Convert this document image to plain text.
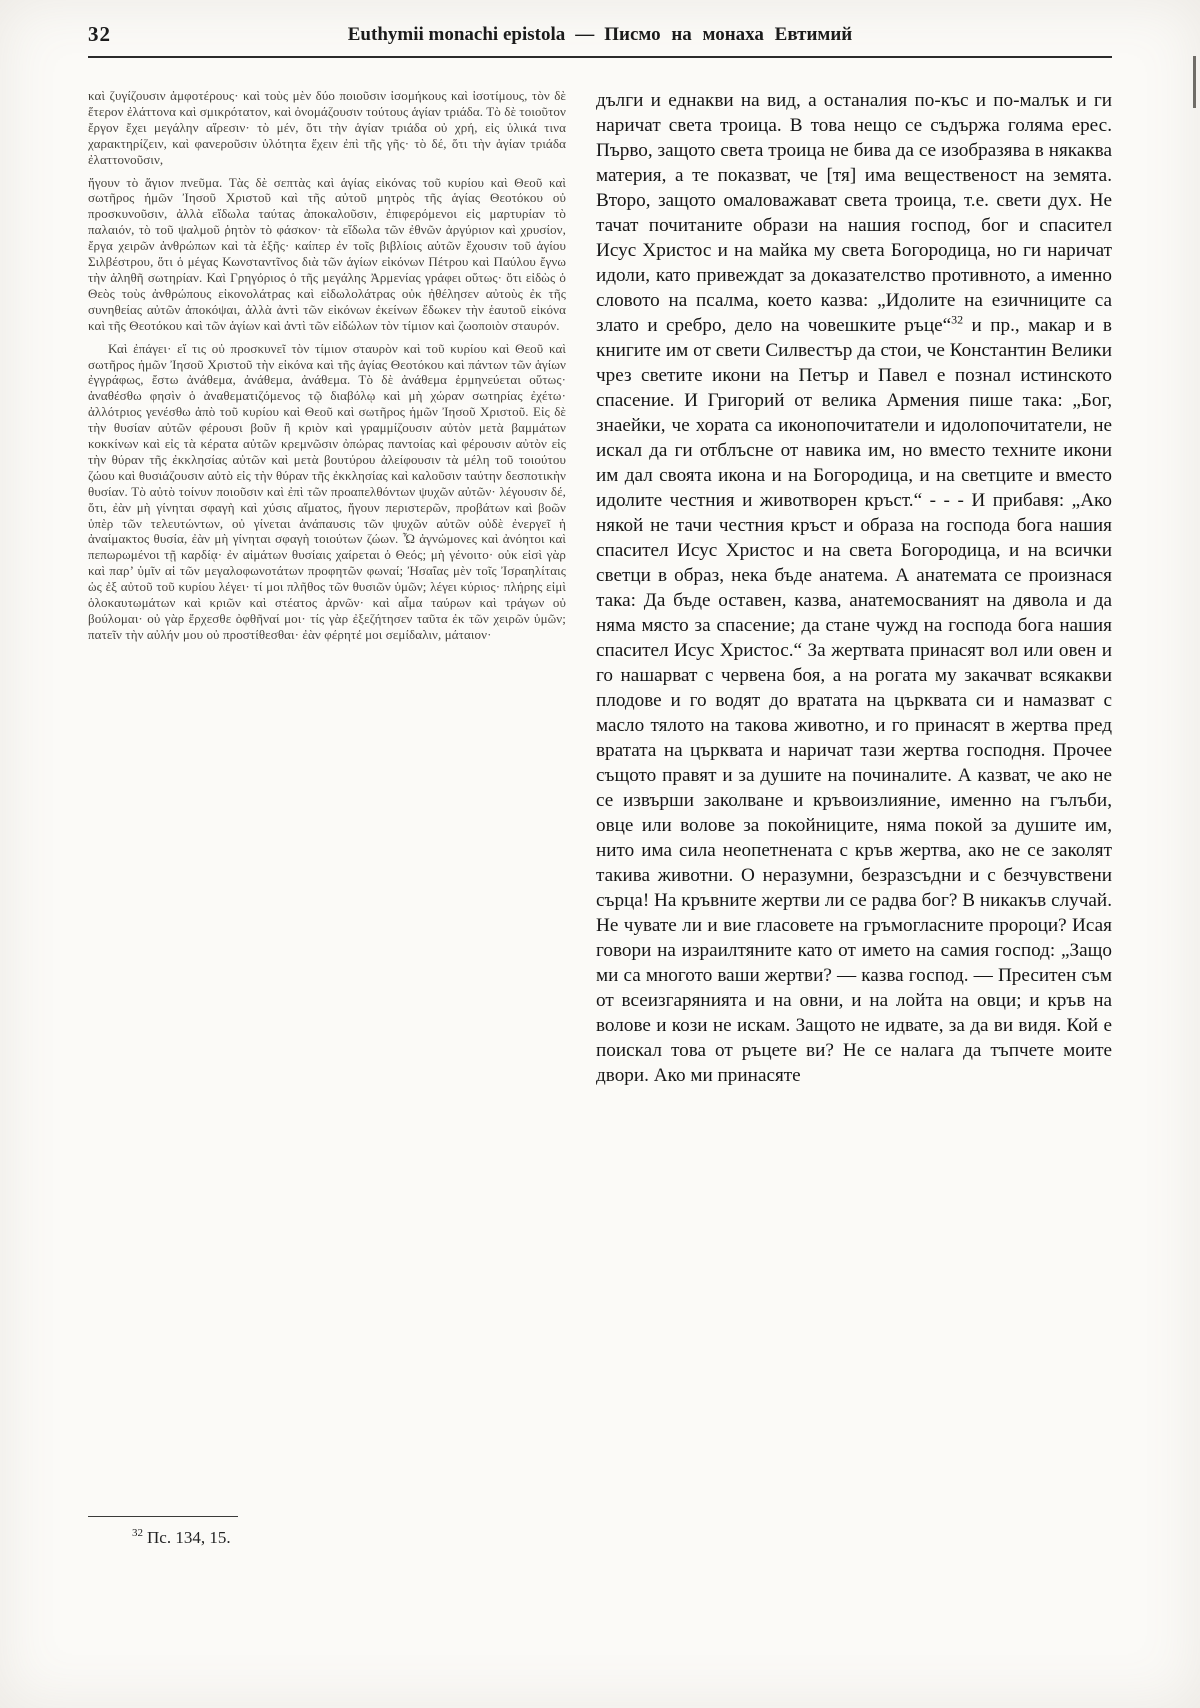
32	Euthymii monachi epistola — Писмо на монаха Евтимий

καὶ ζυγίζουσιν ἀμφοτέρους· καὶ τοὺς μὲν δύο ποιοῦσιν ἰσομήκους καὶ ἰσοτίμους, τὸν δὲ ἕτερον ἐλάττονα καὶ σμικρότατον, καὶ ὀνομάζουσιν τούτους ἁγίαν τριάδα. Τὸ δὲ τοιοῦτον ἔργον ἔχει μεγάλην αἵρεσιν· τὸ μέν, ὅτι τὴν ἁγίαν τριάδα οὐ χρή, εἰς ὑλικά τινα χαρακτηρίζειν, καὶ φανεροῦσιν ὑλότητα ἔχειν ἐπὶ τῆς γῆς· τὸ δέ, ὅτι τὴν ἁγίαν τριάδα ἐλαττονοῦσιν,

ἤγουν τὸ ἅγιον πνεῦμα. Τὰς δὲ σεπτὰς καὶ ἁγίας εἰκόνας τοῦ κυρίου καὶ Θεοῦ καὶ σωτῆρος ἡμῶν Ἰησοῦ Χριστοῦ καὶ τῆς αὐτοῦ μητρὸς τῆς ἁγίας Θεοτόκου οὐ προσκυνοῦσιν, ἀλλὰ εἴδωλα ταύτας ἀποκαλοῦσιν, ἐπιφερόμενοι εἰς μαρτυρίαν τὸ παλαιόν, τὸ τοῦ ψαλμοῦ ῥητὸν τὸ φάσκον· τὰ εἴδωλα τῶν ἐθνῶν ἀργύριον καὶ χρυσίον, ἔργα χειρῶν ἀνθρώπων καὶ τὰ ἑξῆς· καίπερ ἐν τοῖς βιβλίοις αὐτῶν ἔχουσιν τοῦ ἁγίου Σιλβέστρου, ὅτι ὁ μέγας Κωνσταντῖνος διὰ τῶν ἁγίων εἰκόνων Πέτρου καὶ Παύλου ἔγνω τὴν ἀληθῆ σωτηρίαν. Καὶ Γρηγόριος ὁ τῆς μεγάλης Ἀρμενίας γράφει οὕτως· ὅτι εἰδὼς ὁ Θεὸς τοὺς ἀνθρώπους εἰκονολάτρας καὶ εἰδωλολάτρας οὐκ ἠθέλησεν αὐτοὺς ἐκ τῆς συνηθείας αὐτῶν ἀποκόψαι, ἀλλὰ ἀντὶ τῶν εἰκόνων ἐκείνων ἔδωκεν τὴν ἑαυτοῦ εἰκόνα καὶ τῆς Θεοτόκου καὶ τῶν ἁγίων καὶ ἀντὶ τῶν εἰδώλων τὸν τίμιον καὶ ζωοποιὸν σταυρόν.

Καὶ ἐπάγει· εἴ τις οὐ προσκυνεῖ τὸν τίμιον σταυρὸν καὶ τοῦ κυρίου καὶ Θεοῦ καὶ σωτῆρος ἡμῶν Ἰησοῦ Χριστοῦ τὴν εἰκόνα καὶ τῆς ἁγίας Θεοτόκου καὶ πάντων τῶν ἁγίων ἐγγράφως, ἔστω ἀνάθεμα, ἀνάθεμα, ἀνάθεμα. Τὸ δὲ ἀνάθεμα ἑρμηνεύεται οὕτως· ἀναθέσθω φησὶν ὁ ἀναθεματιζόμενος τῷ διαβόλῳ καὶ μὴ χώραν σωτηρίας ἐχέτω· ἀλλότριος γενέσθω ἀπὸ τοῦ κυρίου καὶ Θεοῦ καὶ σωτῆρος ἡμῶν Ἰησοῦ Χριστοῦ. Εἰς δὲ τὴν θυσίαν αὐτῶν φέρουσι βοῦν ἢ κριὸν καὶ γραμμίζουσιν αὐτὸν μετὰ βαμμάτων κοκκίνων καὶ εἰς τὰ κέρατα αὐτῶν κρεμνῶσιν ὀπώρας παντοίας καὶ φέρουσιν αὐτὸν εἰς τὴν θύραν τῆς ἐκκλησίας αὐτῶν καὶ μετὰ βουτύρου ἀλείφουσιν τὰ μέλη τοῦ τοιούτου ζώου καὶ θυσιάζουσιν αὐτὸ εἰς τὴν θύραν τῆς ἐκκλησίας καὶ καλοῦσιν ταύτην δεσποτικὴν θυσίαν. Τὸ αὐτὸ τοίνυν ποιοῦσιν καὶ ἐπὶ τῶν προαπελθόντων ψυχῶν αὐτῶν· λέγουσιν δέ, ὅτι, ἐὰν μὴ γίνηται σφαγὴ καὶ χύσις αἵματος, ἤγουν περιστερῶν, προβάτων καὶ βοῶν ὑπὲρ τῶν τελευτώντων, οὐ γίνεται ἀνάπαυσις τῶν ψυχῶν αὐτῶν οὐδὲ ἐνεργεῖ ἡ ἀναίμακτος θυσία, ἐὰν μὴ γίνηται σφαγὴ τοιούτων ζώων. Ὦ ἀγνώμονες καὶ ἀνόητοι καὶ πεπωρωμένοι τῇ καρδίᾳ· ἐν αἱμάτων θυσίαις χαίρεται ὁ Θεός; μὴ γένοιτο· οὐκ εἰσὶ γὰρ καὶ παρ’ ὑμῖν αἱ τῶν μεγαλοφωνοτάτων προφητῶν φωναί; Ἠσαΐας μὲν τοῖς Ἰσραηλίταις ὡς ἐξ αὐτοῦ τοῦ κυρίου λέγει· τί μοι πλῆθος τῶν θυσιῶν ὑμῶν; λέγει κύριος· πλήρης εἰμὶ ὁλοκαυτωμάτων καὶ κριῶν καὶ στέατος ἀρνῶν· καὶ αἷμα ταύρων καὶ τράγων οὐ βούλομαι· οὐ γὰρ ἔρχεσθε ὀφθῆναί μοι· τίς γὰρ ἐξεζήτησεν ταῦτα ἐκ τῶν χειρῶν ὑμῶν; πατεῖν τὴν αὐλήν μου οὐ προστίθεσθαι· ἐὰν φέρητέ μοι σεμίδαλιν, μάταιον·

дълги и еднакви на вид, а останалия по-къс и по-малък и ги наричат света троица. В това нещо се съдържа голяма ерес. Първо, защото света троица не бива да се изобразява в някаква материя, а те показват, че [тя] има вещественост на земята. Второ, защото омаловажават света троица, т.е. свети дух. Не тачат почитаните образи на нашия господ, бог и спасител Исус Христос и на майка му света Богородица, но ги наричат идоли, като привеждат за доказателство противното, а именно словото на псалма, което казва: „Идолите на езичниците са злато и сребро, дело на човешките ръце“$^{32}$ и пр., макар и в книгите им от свети Силвестър да стои, че Константин Велики чрез светите икони на Петър и Павел е познал истинското спасение. И Григорий от велика Армения пише така: „Бог, знаейки, че хората са иконопочитатели и идолопочитатели, не искал да ги отблъсне от навика им, но вместо техните икони им дал своята икона и на Богородица, и на светците и вместо идолите честния и животворен кръст.“ - - - И прибавя: „Ако някой не тачи честния кръст и образа на господа бога нашия спасител Исус Христос и на света Богородица, и на всички светци в образ, нека бъде анатема. А анатемата се произнася така: Да бъде оставен, казва, анатемосваният на дявола и да няма място за спасение; да стане чужд на господа бога нашия спасител Исус Христос.“ За жертвата принасят вол или овен и го нашарват с червена боя, а на рогата му закачват всякакви плодове и го водят до вратата на църквата си и намазват с масло тялото на такова животно, и го принасят в жертва пред вратата на църквата и наричат тази жертва господня. Прочее същото правят и за душите на починалите. А казват, че ако не се извърши заколване и кръвоизлияние, именно на гълъби, овце или волове за покойниците, няма покой за душите им, нито има сила неопетнената с кръв жертва, ако не се заколят такива животни. О неразумни, безразсъдни и с безчувствени сърца! На кръвните жертви ли се радва бог? В никакъв случай. Не чувате ли и вие гласовете на гръмогласните пророци? Исая говори на израилтяните като от името на самия господ: „Защо ми са многото ваши жертви? — казва господ. — Преситен съм от всеизгарянията и на овни, и на лойта на овци; и кръв на волове и кози не искам. Защото не идвате, за да ви видя. Кой е поискал това от ръцете ви? Не се налага да тъпчете моите двори. Ако ми принасяте

$^{32}$ Пс. 134, 15.
